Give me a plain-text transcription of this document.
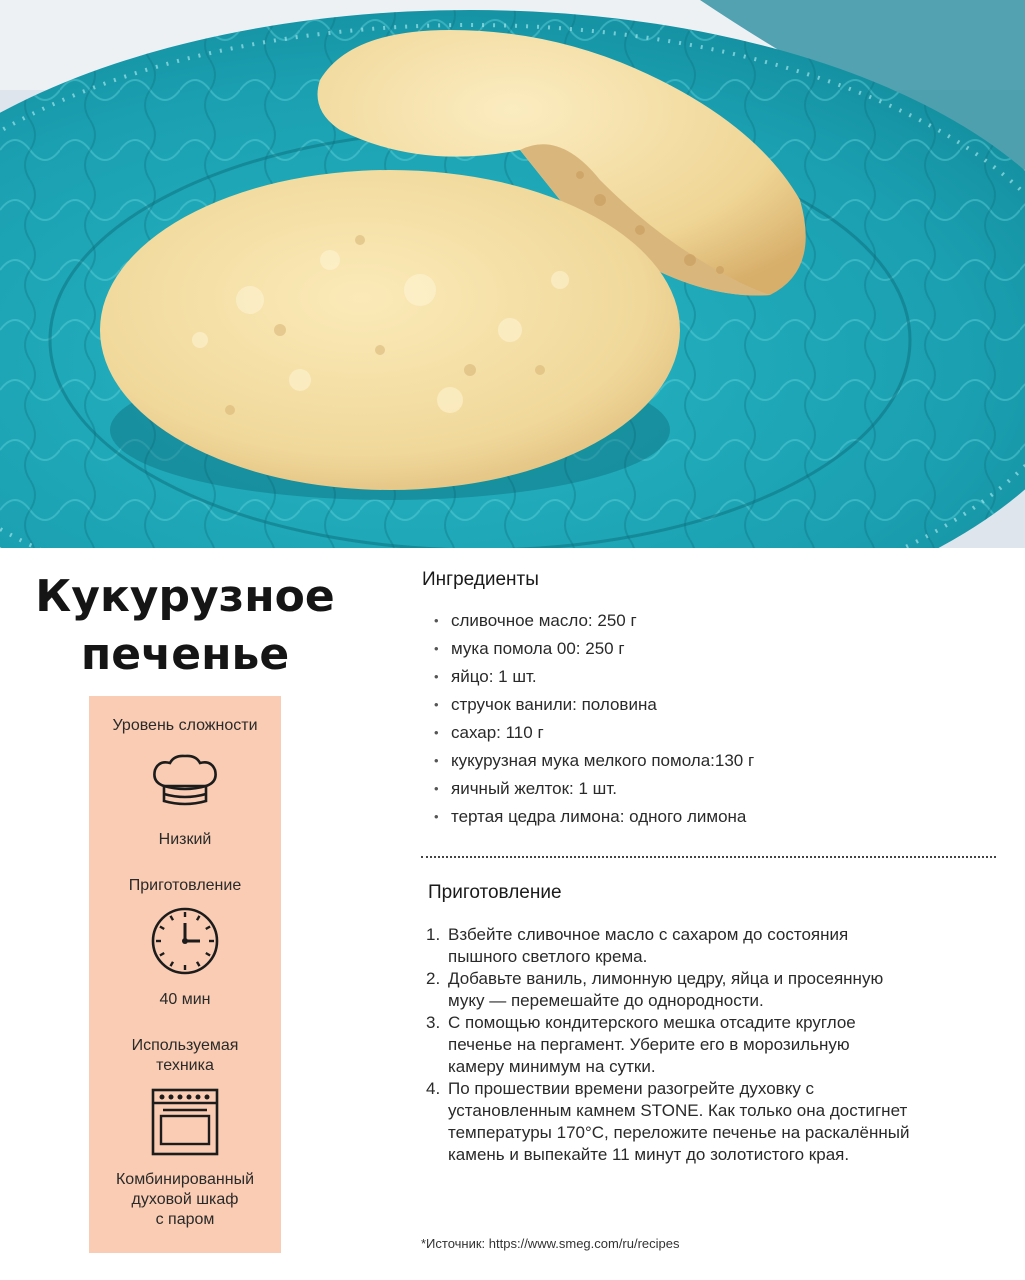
Кукурузное
печенье
Уровень сложности
Низкий
Приготовление
40 мин
Используемая
техника
Комбинированный
духовой шкаф
с паром
Ингредиенты
• сливочное масло: 250 г
• мука помола 00: 250 г
• яйцо: 1 шт.
• стручок ванили: половина
• сахар: 110 г
• кукурузная мука мелкого помола:130 г
• яичный желток: 1 шт.
• тертая цедра лимона: одного лимона
Приготовление
1. Взбейте сливочное масло с сахаром до состояния
пышного светлого крема.
2. Добавьте ваниль, лимонную цедру, яйца и просеянную
муку — перемешайте до однородности.
3. С помощью кондитерского мешка отсадите круглое
печенье на пергамент. Уберите его в морозильную
камеру минимум на сутки.
4. По прошествии времени разогрейте духовку с
установленным камнем STONE. Как только она достигнет
температуры 170°C, переложите печенье на раскалённый
камень и выпекайте 11 минут до золотистого края.
*Источник: https://www.smeg.com/ru/recipes
